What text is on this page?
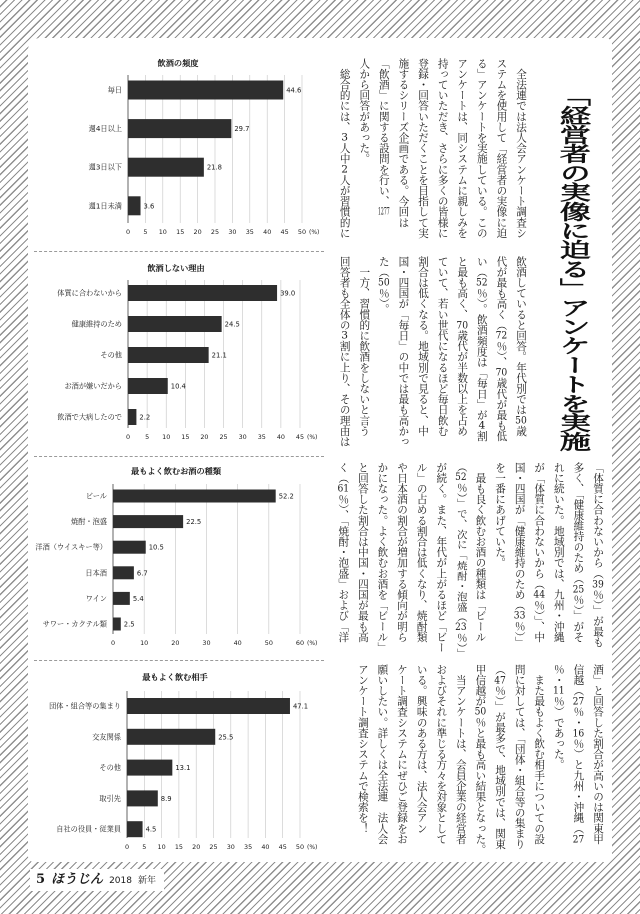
飲酒の頻度
0 5 10 15 20 25 30 35 40 45 50 (%)
毎日	44.6
週4日以上	29.7
週3日以下	21.8
週1日未満	3.6
飲酒しない理由
0 5 10 15 20 25 30 35 40 45 (%)
体質に合わないから	39.0
健康維持のため	24.5
その他	21.1
お酒が嫌いだから	10.4
飲酒で大病したので	2.2
最もよく飲むお酒の種類
0	10	20	30	40	50	60 (%)
ビール	52.2
焼酎・泡盛	22.5
洋酒（ウイスキー等）	10.5
日本酒	6.7
ワイン	5.4
サワー・カクテル類 2.5
最もよく飲む相手
0 5 10 15 20 25 30 35 40 45 50 (%)
団体・組合等の集まり	47.1
交友関係	25.5
その他	13.1
取引先	8.9
自社の役員・従業員	4.5
「経営者の実像に迫る」アンケートを実施
　全法連では法人会アンケート調査シ
ステムを使用して「経営者の実像に迫
る」アンケートを実施している。この
アンケートは、同システムに親しみを
持っていただき、さらに多くの皆様に
登録・回答いただくことを目指して実
施するシリーズ企画である。今回は
「飲酒」に関する設問を行い、1277
人から回答があった。
　総合的には、3人中2人が習慣的に
飲酒していると回答。年代別では50歳
代が最も高く（72％）、70歳代が最も低
い（52％）。飲酒頻度は「毎日」が4割
と最も高く、70歳代が半数以上を占め
ていて、若い世代になるほど毎日飲む
割合は低くなる。地域別で見ると、中
国・四国が「毎日」の中では最も高かっ
た（50％）。
　一方、習慣的に飲酒をしないと言う
回答者も全体の3割に上り、その理由は
「体質に合わないから（39％）」が最も
多く、「健康維持のため（25％）」がそ
れに続いた。地域別では、九州・沖縄
が「体質に合わないから（44％）」、中
国・四国が「健康維持のため（33％）」
を一番にあげていた。
　最も良く飲むお酒の種類は「ビール
（52％）」で、次に「焼酎・泡盛（23％）」
が続く。また、年代が上がるほど「ビー
ル」の占める割合は低くなり、焼酎類
や日本酒の割合が増加する傾向が明ら
かになった。よく飲むお酒を「ビール」
と回答した割合は中国・四国が最も高
く（61％）、「焼酎・泡盛」および「洋
酒」と回答した割合が高いのは関東甲
信越（27％・16％）と九州・沖縄（27
％・11％）であった。
　また最もよく飲む相手についての設
問に対しては、「団体・組合等の集まり
（47％）」が最多で、地域別では、関東
甲信越が50％と最も高い結果となった。
　当アンケートは、会員企業の経営者
およびそれに準じる方々を対象として
いる。興味のある方は、法人会アン
ケート調査システムにぜひご登録をお
願いしたい。詳しくは全法連　法人会
アンケート調査システムで検索を！
5 ほうじん 2018 新年
